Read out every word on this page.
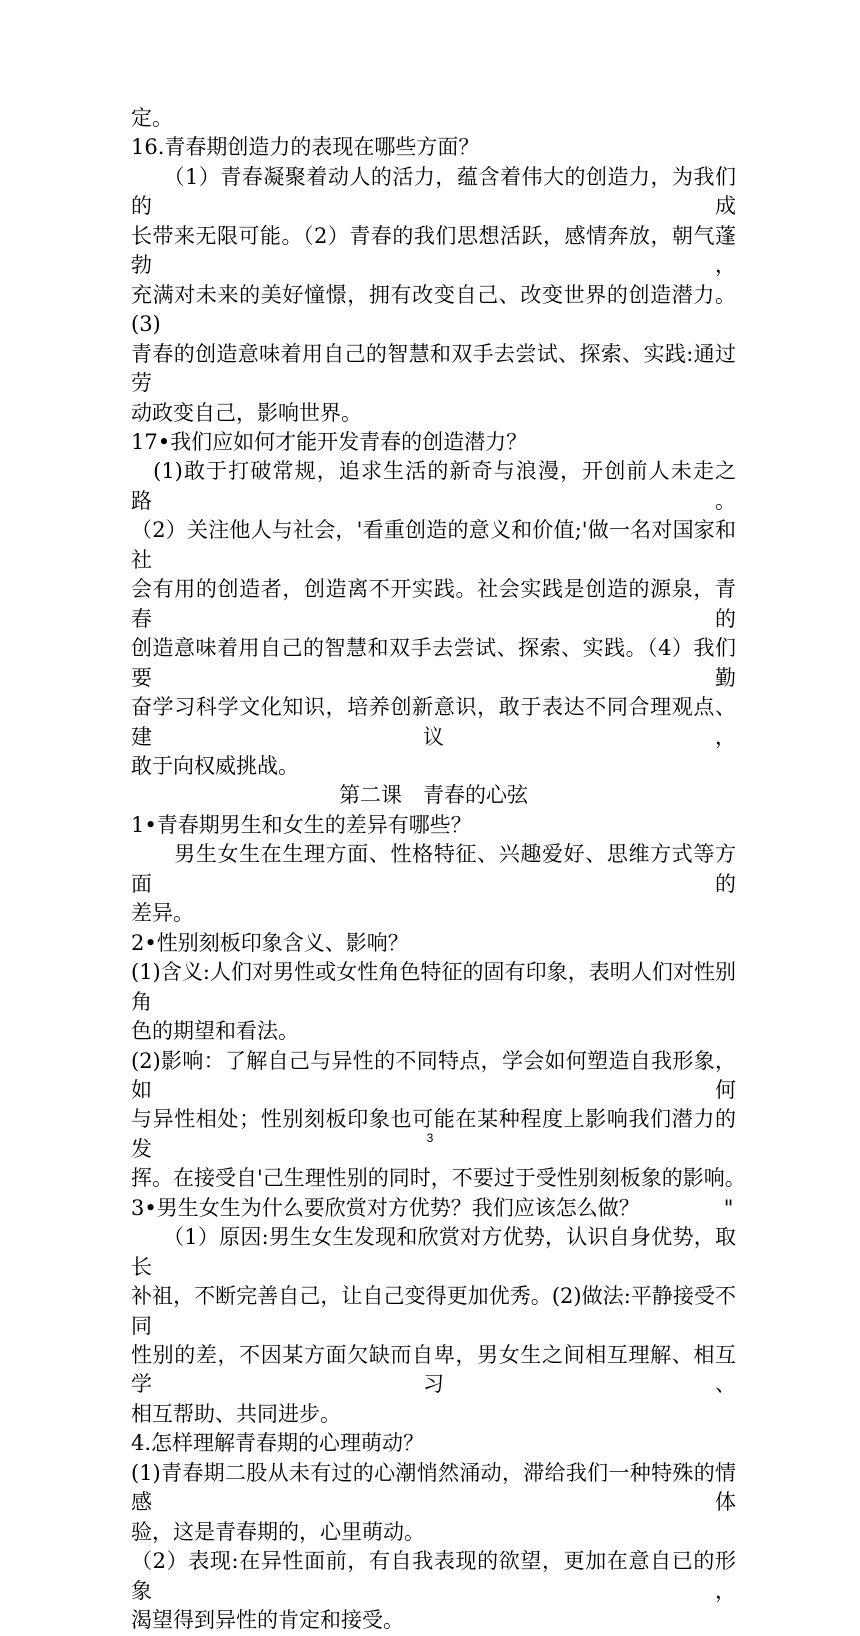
定。
16.青春期创造力的表现在哪些方面？
　　（1）青春凝聚着动人的活力，蕴含着伟大的创造力，为我们的成
长带来无限可能。（2）青春的我们思想活跃，感情奔放，朝气蓬勃，
充满对未来的美好憧憬，拥有改变自己、改变世界的创造潜力。(3)
青春的创造意味着用自己的智慧和双手去尝试、探索、实践:通过劳
动政变自己，影响世界。
17•我们应如何才能开发青春的创造潜力？
　(1)敢于打破常规，追求生活的新奇与浪漫，开创前人未走之路。
（2）关注他人与社会，'看重创造的意义和价值;'做一名对国家和社
会有用的创造者，创造离不开实践。社会实践是创造的源泉，青春的
创造意味着用自己的智慧和双手去尝试、探索、实践。（4）我们要勤
奋学习科学文化知识，培养创新意识，敢于表达不同合理观点、建议，
敢于向权威挑战。
第二课　青春的心弦
1•青春期男生和女生的差异有哪些？
　　男生女生在生理方面、性格特征、兴趣爱好、思维方式等方面的
差异。
2•性别刻板印象含义、影响？
(1)含义:人们对男性或女性角色特征的固有印象，表明人们对性别角
色的期望和看法。
(2)影响：了解自己与异性的不同特点，学会如何塑造自我形象，如何
与异性相处；性别刻板印象也可能在某种程度上影响我们潜力的发
挥。在接受自'己生理性别的同时，不要过于受性别刻板象的影响。
3•男生女生为什么要欣赏对方优势？我们应该怎么做？　　　　"
　　（1）原因:男生女生发现和欣赏对方优势，认识自身优势，取长
补祖，不断完善自己，让自己变得更加优秀。(2)做法:平静接受不同
性别的差，不因某方面欠缺而自卑，男女生之间相互理解、相互学习、
相互帮助、共同进步。
4.怎样理解青春期的心理萌动？
(1)青春期二股从未有过的心潮悄然涌动，滞给我们一种特殊的情感体
验，这是青春期的，心里萌动。
（2）表现:在异性面前，有自我表现的欲望，更加在意自已的形象，
渴望得到异性的肯定和接受。
3
